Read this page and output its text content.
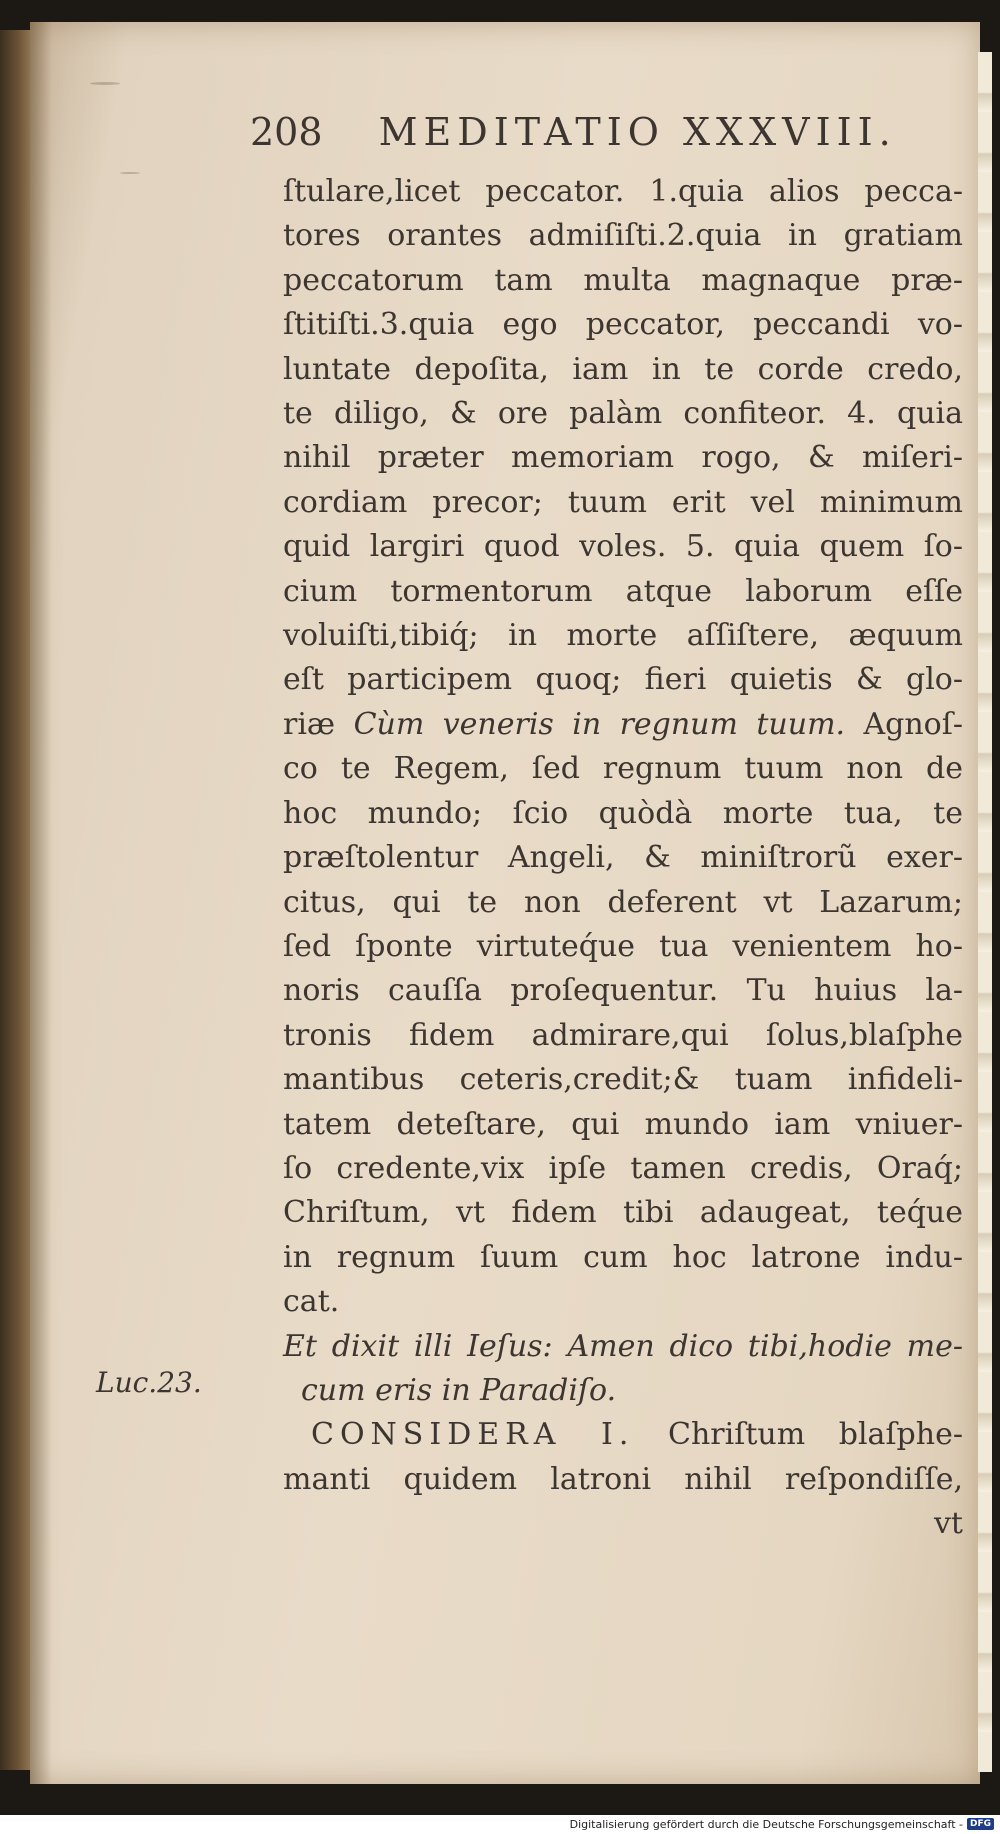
208 MEDITATIO XXXVIII.
ſtulare,licet peccator. 1.quia alios pecca-
tores orantes admiſiſti.2.quia in gratiam
peccatorum tam multa magnaque præ-
ſtitiſti.3.quia ego peccator, peccandi vo-
luntate depoſita, iam in te corde credo,
te diligo, & ore palàm confiteor. 4. quia
nihil præter memoriam rogo, & miſeri-
cordiam precor; tuum erit vel minimum
quid largiri quod voles. 5. quia quem ſo-
cium tormentorum atque laborum eſſe
voluiſti,tibiq́; in morte aſſiſtere, æquum
eſt participem quoq; fieri quietis & glo-
riæ Cùm veneris in regnum tuum. Agnoſ-
co te Regem, ſed regnum tuum non de
hoc mundo; ſcio quòdà morte tua, te
præſtolentur Angeli, & miniſtrorũ exer-
citus, qui te non deferent vt Lazarum;
ſed ſponte virtuteq́ue tua venientem ho-
noris cauſſa proſequentur. Tu huius la-
tronis fidem admirare,qui ſolus,blaſphe
mantibus ceteris,credit;& tuam infideli-
tatem deteſtare, qui mundo iam vniuer-
ſo credente,vix ipſe tamen credis, Oraq́;
Chriſtum, vt fidem tibi adaugeat, teq́ue
in regnum ſuum cum hoc latrone indu-
cat.
Et dixit illi Ieſus: Amen dico tibi,hodie me-
cum eris in Paradiſo.
CONSIDERA I. Chriſtum blaſphe-
manti quidem latroni nihil reſpondiſſe,
vt
Luc.23.
Digitalisierung gefördert durch die Deutsche Forschungsgemeinschaft - DFG
